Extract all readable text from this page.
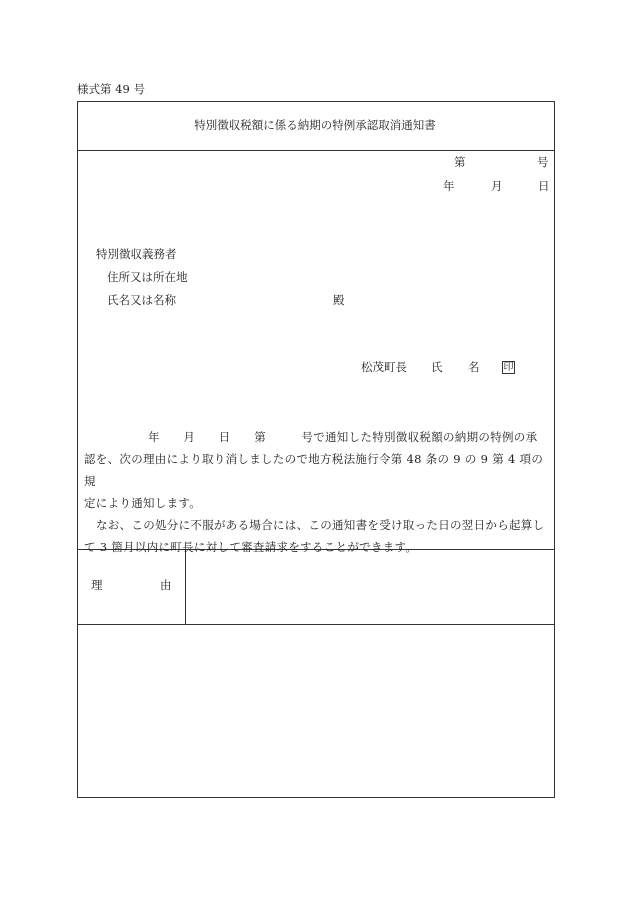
様式第 49 号
特別徴収税額に係る納期の特例承認取消通知書
第	号
年	月	日
特別徴収義務者
住所又は所在地
氏名又は名称	殿
松茂町長 氏 名 印

年　　月　　日　　第　　　号で通知した特別徴収税額の納期の特例の承

認を、次の理由により取り消しましたので地方税法施行令第 48 条の 9 の 9 第 4 項の規

定により通知します。

なお、この処分に不服がある場合には、この通知書を受け取った日の翌日から起算し

て 3 箇月以内に町長に対して審査請求をすることができます。

理	由
